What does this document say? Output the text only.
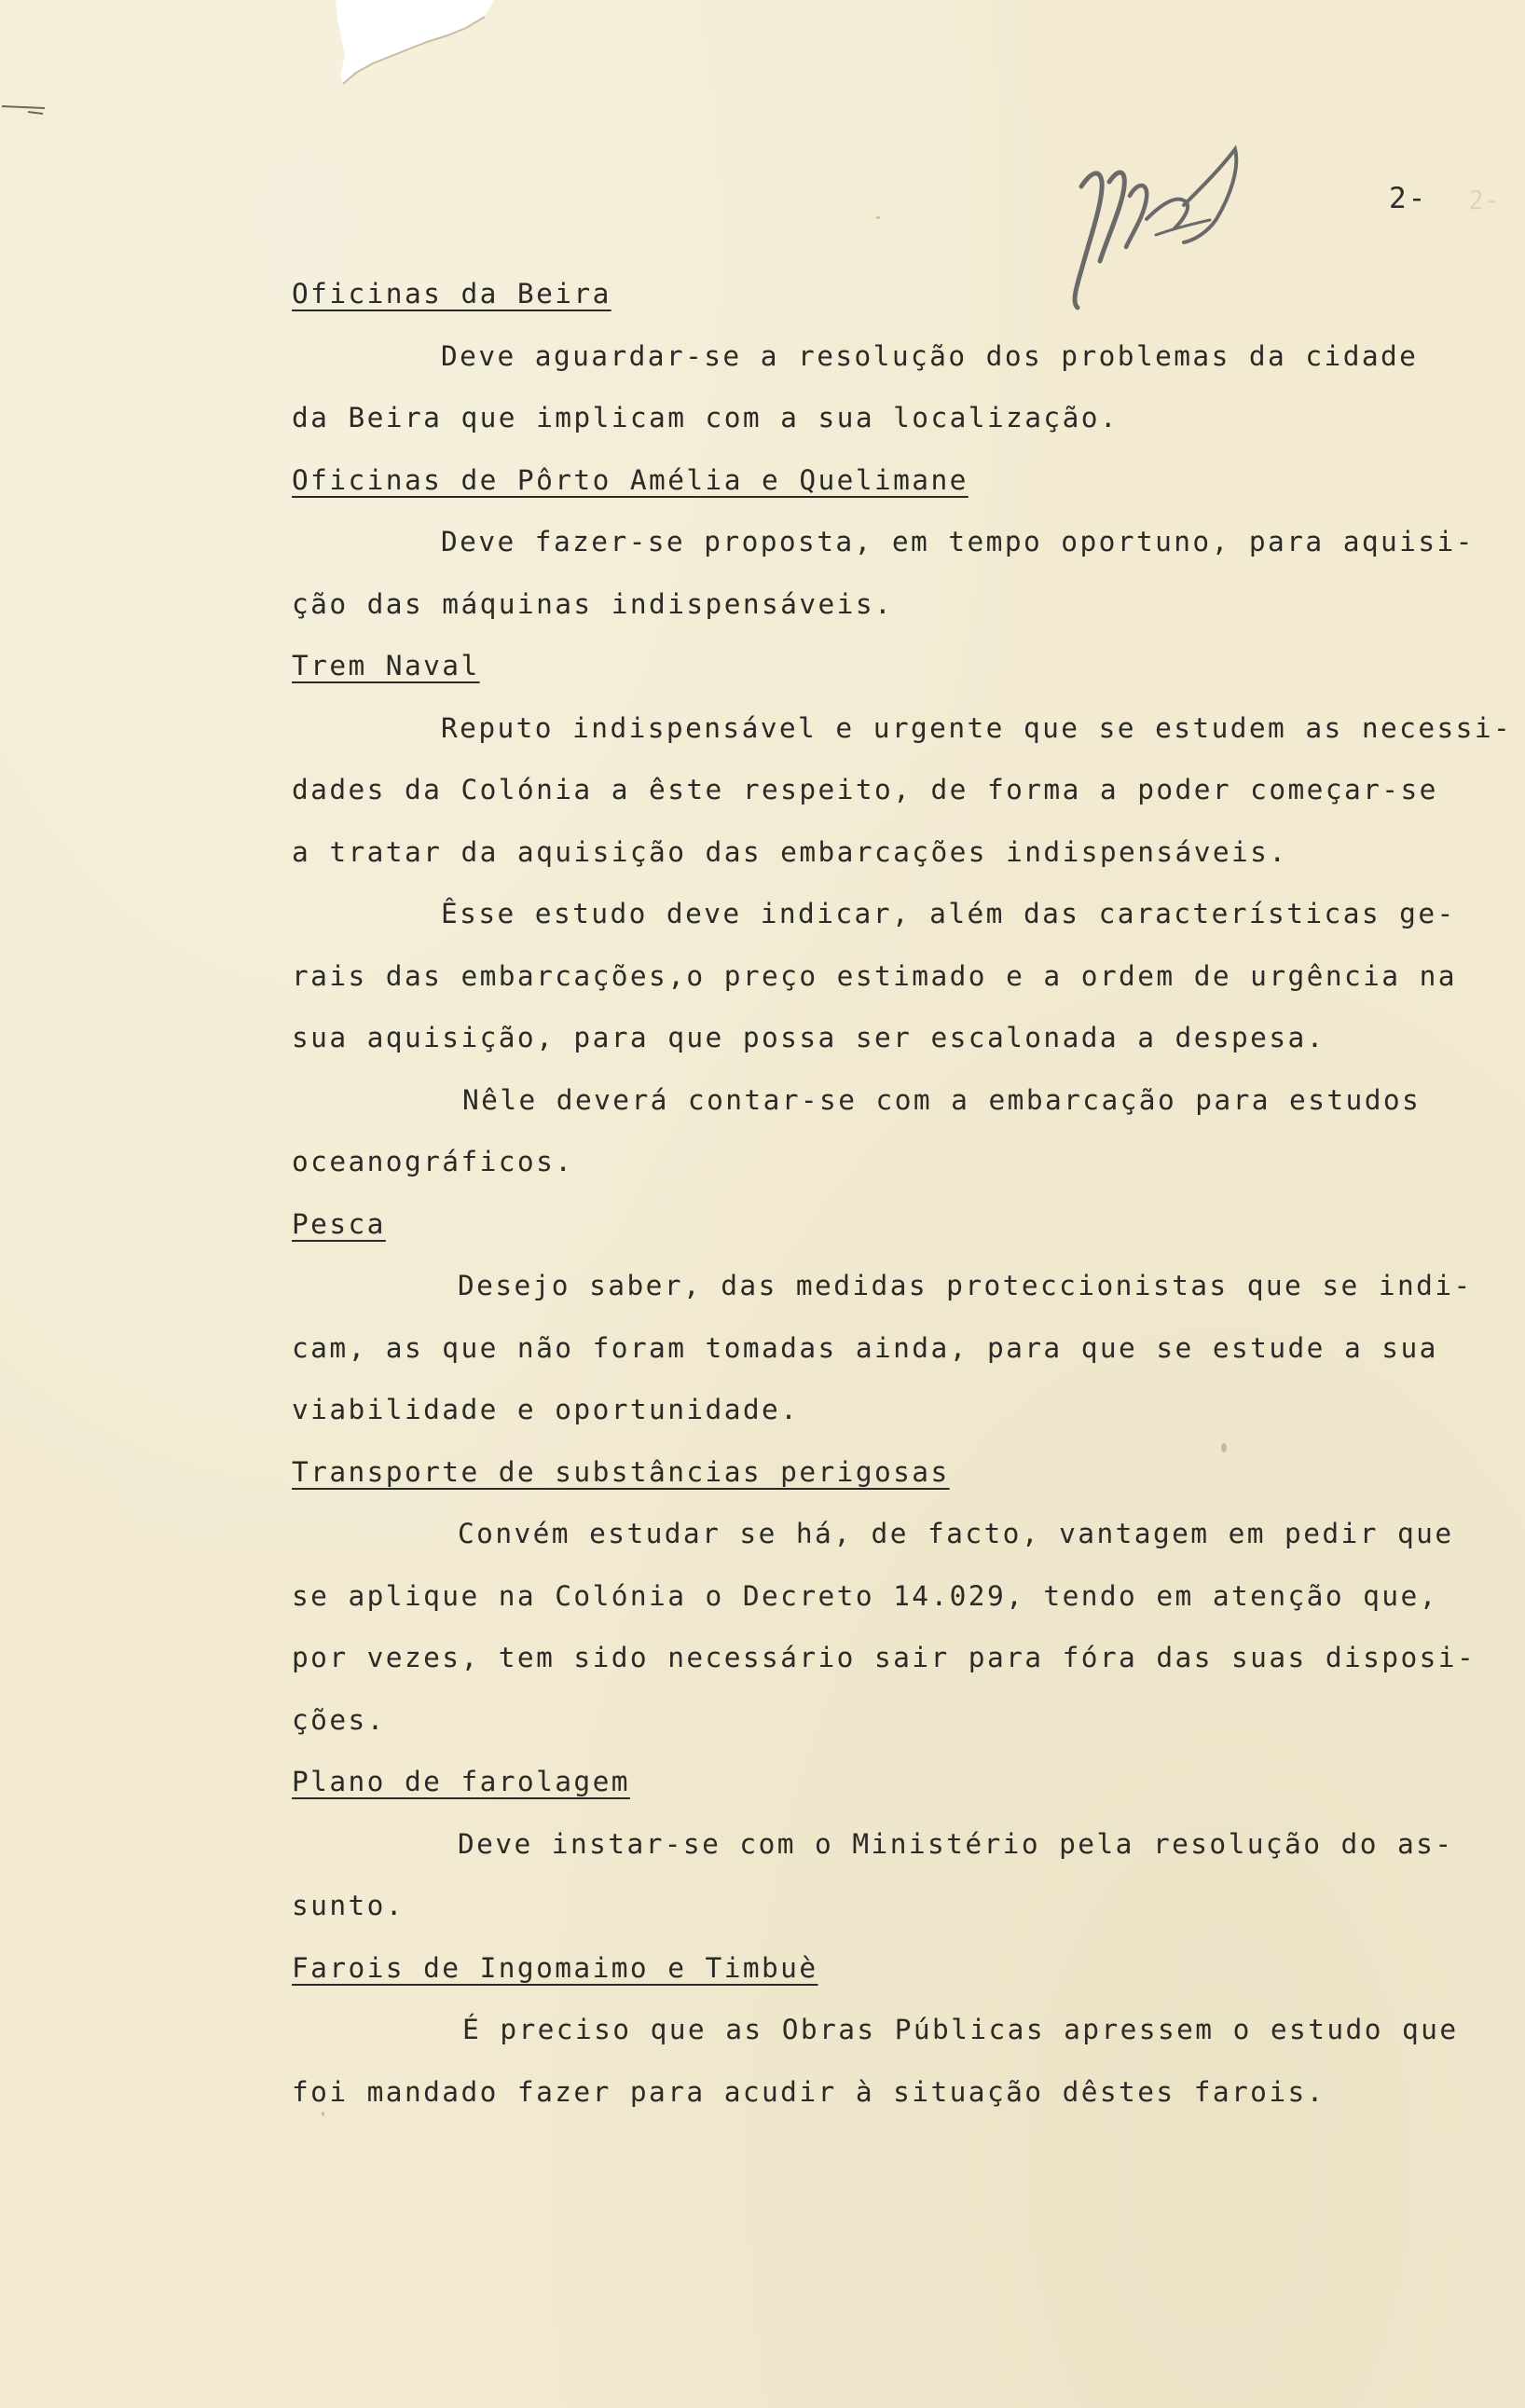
2- 2-
Oficinas da Beira
Deve aguardar-se a resolução dos problemas da cidade
da Beira que implicam com a sua localização.
Oficinas de Pôrto Amélia e Quelimane
Deve fazer-se proposta, em tempo oportuno, para aquisi-
ção das máquinas indispensáveis.
Trem Naval
Reputo indispensável e urgente que se estudem as necessi-
dades da Colónia a êste respeito, de forma a poder começar-se
a tratar da aquisição das embarcações indispensáveis.
Êsse estudo deve indicar, além das características ge-
rais das embarcações,o preço estimado e a ordem de urgência na
sua aquisição, para que possa ser escalonada a despesa.
Nêle deverá contar-se com a embarcação para estudos
oceanográficos.
Pesca
Desejo saber, das medidas proteccionistas que se indi-
cam, as que não foram tomadas ainda, para que se estude a sua
viabilidade e oportunidade.
Transporte de substâncias perigosas
Convém estudar se há, de facto, vantagem em pedir que
se aplique na Colónia o Decreto 14.029, tendo em atenção que,
por vezes, tem sido necessário sair para fóra das suas disposi-
ções.
Plano de farolagem
Deve instar-se com o Ministério pela resolução do as-
sunto.
Farois de Ingomaimo e Timbuè
É preciso que as Obras Públicas apressem o estudo que
foi mandado fazer para acudir à situação dêstes farois.
